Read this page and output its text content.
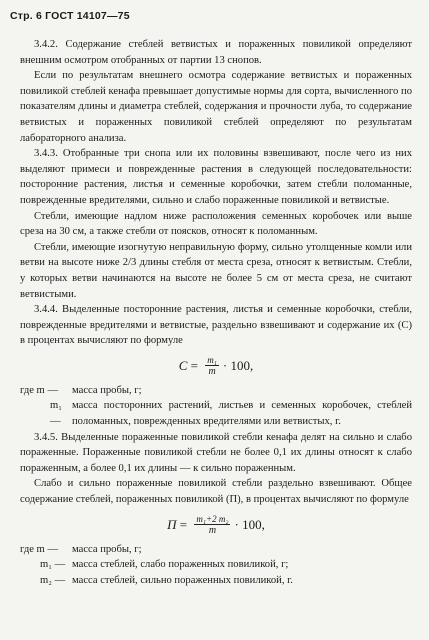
Стр. 6 ГОСТ 14107—75

3.4.2. Содержание стеблей ветвистых и пораженных повиликой определяют внешним осмотром отобранных от партии 13 снопов.

Если по результатам внешнего осмотра содержание ветвистых и пораженных повиликой стеблей кенафа превышает допустимые нормы для сорта, вычисленного по показателям длины и диаметра стеблей, содержания и прочности луба, то содержание ветвистых и пораженных повиликой стеблей определяют по результатам лабораторного анализа.

3.4.3. Отобранные три снопа или их половины взвешивают, после чего из них выделяют примеси и поврежденные растения в следующей последовательности: посторонние растения, листья и семенные коробочки, затем стебли поломанные, поврежденные вредителями, сильно и слабо пораженные повиликой и ветвистые.

Стебли, имеющие надлом ниже расположения семенных коробочек или выше среза на 30 см, а также стебли от поясков, относят к поломанным.

Стебли, имеющие изогнутую неправильную форму, сильно утолщенные комли или ветви на высоте ниже 2/3 длины стебля от места среза, относят к ветвистым. Стебли, у которых ветви начинаются на высоте не более 5 см от места среза, не считают ветвистыми.

3.4.4. Выделенные посторонние растения, листья и семенные коробочки, стебли, поврежденные вредителями и ветвистые, раздельно взвешивают и содержание их (C) в процентах вычисляют по формуле

$C = \frac{\text{m₁}}{m} \cdot 100$,
где m —	масса пробы, г;
m₁ —
масса посторонних растений, листьев и семенных коробочек, стеблей поломанных, поврежденных вредителями или ветвистых, г.

3.4.5. Выделенные пораженные повиликой стебли кенафа делят на сильно и слабо пораженные. Пораженные повиликой стебли не более 0,1 их длины относят к слабо пораженным, а более 0,1 их длины — к сильно пораженным.

Слабо и сильно пораженные повиликой стебли раздельно взвешивают. Общее содержание стеблей, пораженных повиликой (П), в процентах вычисляют по формуле

$П = \frac{\text{m₁+2 m₂}}{m} \cdot 100$,
где m —	масса пробы, г;
m₁ — масса стеблей, слабо пораженных повиликой, г;
m₂ — масса стеблей, сильно пораженных повиликой, г.
